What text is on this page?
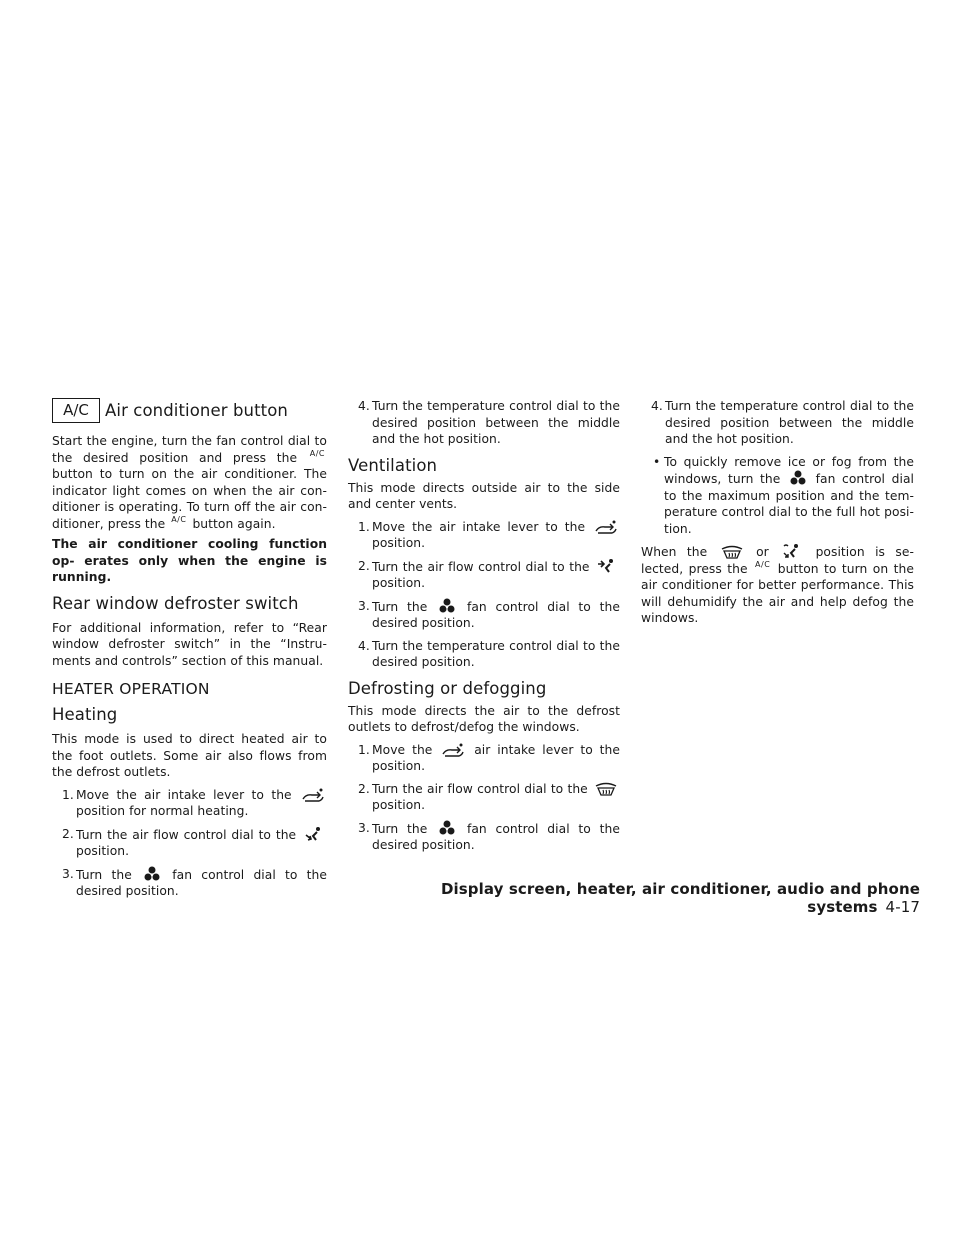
A/C Air conditioner button

Start the engine, turn the fan control dial to the desired position and press the A/C button to turn on the air conditioner. The indicator light comes on when the air con- ditioner is operating. To turn off the air con- ditioner, press the A/C button again.

The air conditioner cooling function op- erates only when the engine is running.

Rear window defroster switch

For additional information, refer to “Rear window defroster switch” in the “Instru- ments and controls” section of this manual.

HEATER OPERATION
Heating

This mode is used to direct heated air to the foot outlets. Some air also flows from the defrost outlets.

1. Move the air intake lever to the  position for normal heating.

2. Turn the air flow control dial to the  position.

3. Turn the	fan control dial to the desired position.

4. Turn the temperature control dial to the desired position between the middle and the hot position.

Ventilation

This mode directs outside air to the side and center vents.

1. Move the air intake lever to the  position.

2. Turn the air flow control dial to the  position.

3. Turn the	fan control dial to the desired position.

4. Turn the temperature control dial to the desired position.

Defrosting or defogging

This mode directs the air to the defrost outlets to defrost/defog the windows.

1. Move the	air intake lever to the position.

2. Turn the air flow control dial to the  position.

3. Turn the	fan control dial to the desired position.

4. Turn the temperature control dial to the desired position between the middle and the hot position.

• To quickly remove ice or fog from the windows, turn the	fan control dial to the maximum position and the tem- perature control dial to the full hot posi- tion.

When the	or	position is se- lected, press the A/C button to turn on the air conditioner for better performance. This will dehumidify the air and help defog the windows.

Display screen, heater, air conditioner, audio and phone systems 4-17
